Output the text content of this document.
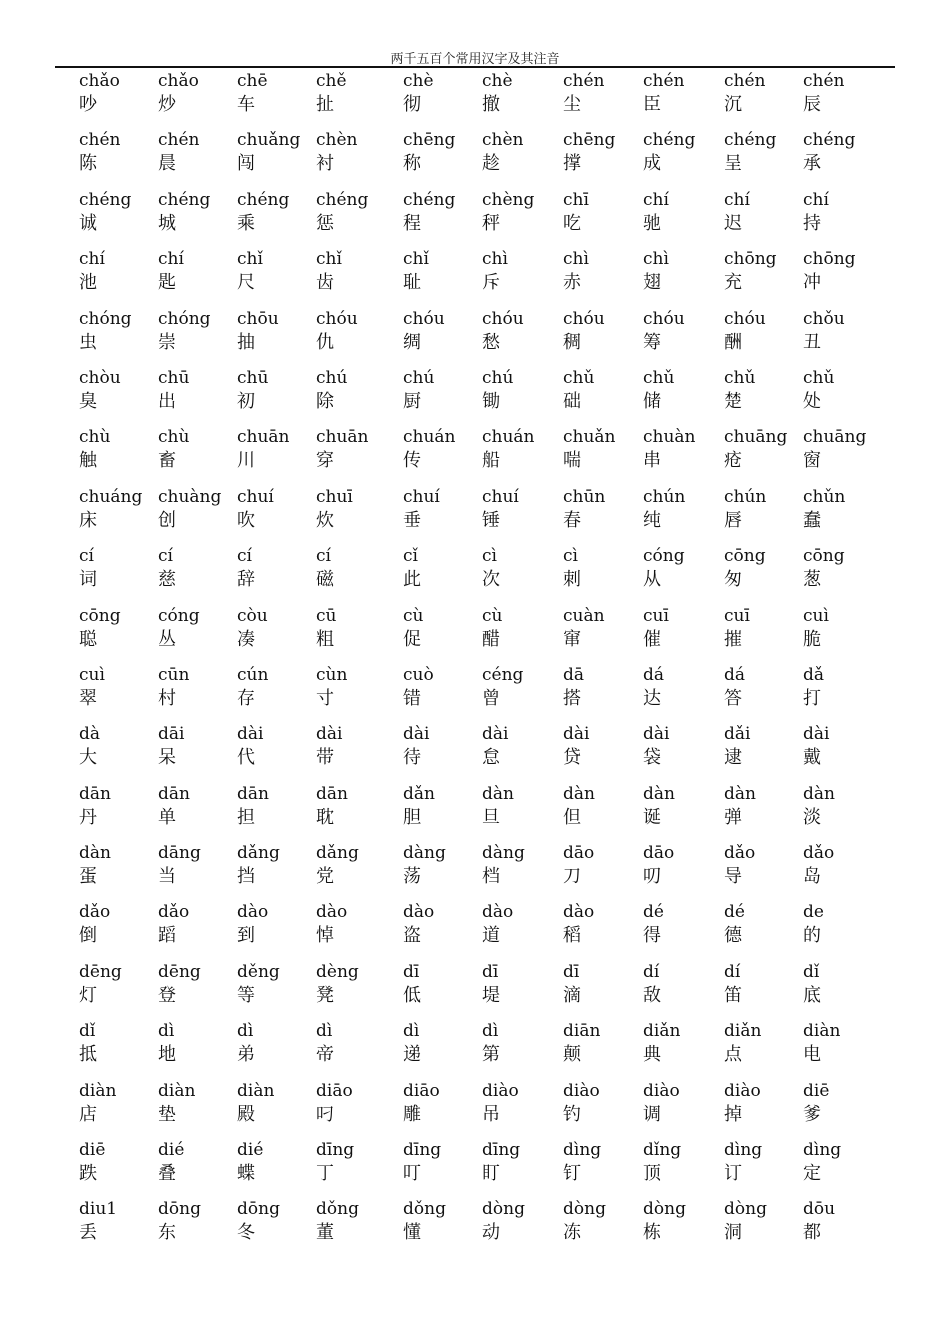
两千五百个常用汉字及其注音
chǎo
吵
chǎo
炒
chē
车
chě
扯
chè
彻
chè
撤
chén
尘
chén
臣
chén
沉
chén
辰
chén
陈
chén
晨
chuǎng
闯
chèn
衬
chēng
称
chèn
趁
chēng
撑
chéng
成
chéng
呈
chéng
承
chéng
诚
chéng
城
chéng
乘
chéng
惩
chéng
程
chèng
秤
chī
吃
chí
驰
chí
迟
chí
持
chí
池
chí
匙
chǐ
尺
chǐ
齿
chǐ
耻
chì
斥
chì
赤
chì
翅
chōng
充
chōng
冲
chóng
虫
chóng
崇
chōu
抽
chóu
仇
chóu
绸
chóu
愁
chóu
稠
chóu
筹
chóu
酬
chǒu
丑
chòu
臭
chū
出
chū
初
chú
除
chú
厨
chú
锄
chǔ
础
chǔ
储
chǔ
楚
chǔ
处
chù
触
chù
畜
chuān
川
chuān
穿
chuán
传
chuán
船
chuǎn
喘
chuàn
串
chuāng
疮
chuāng
窗
chuáng
床
chuàng
创
chuí
吹
chuī
炊
chuí
垂
chuí
锤
chūn
春
chún
纯
chún
唇
chǔn
蠢
cí
词
cí
慈
cí
辞
cí
磁
cǐ
此
cì
次
cì
刺
cóng
从
cōng
匆
cōng
葱
cōng
聪
cóng
丛
còu
凑
cū
粗
cù
促
cù
醋
cuàn
窜
cuī
催
cuī
摧
cuì
脆
cuì
翠
cūn
村
cún
存
cùn
寸
cuò
错
céng
曾
dā
搭
dá
达
dá
答
dǎ
打
dà
大
dāi
呆
dài
代
dài
带
dài
待
dài
怠
dài
贷
dài
袋
dǎi
逮
dài
戴
dān
丹
dān
单
dān
担
dān
耽
dǎn
胆
dàn
旦
dàn
但
dàn
诞
dàn
弹
dàn
淡
dàn
蛋
dāng
当
dǎng
挡
dǎng
党
dàng
荡
dàng
档
dāo
刀
dāo
叨
dǎo
导
dǎo
岛
dǎo
倒
dǎo
蹈
dào
到
dào
悼
dào
盗
dào
道
dào
稻
dé
得
dé
德
de
的
dēng
灯
dēng
登
děng
等
dèng
凳
dī
低
dī
堤
dī
滴
dí
敌
dí
笛
dǐ
底
dǐ
抵
dì
地
dì
弟
dì
帝
dì
递
dì
第
diān
颠
diǎn
典
diǎn
点
diàn
电
diàn
店
diàn
垫
diàn
殿
diāo
叼
diāo
雕
diào
吊
diào
钓
diào
调
diào
掉
diē
爹
diē
跌
dié
叠
dié
蝶
dīng
丁
dīng
叮
dīng
盯
dìng
钉
dǐng
顶
dìng
订
dìng
定
diu1
丢
dōng
东
dōng
冬
dǒng
董
dǒng
懂
dòng
动
dòng
冻
dòng
栋
dòng
洞
dōu
都
